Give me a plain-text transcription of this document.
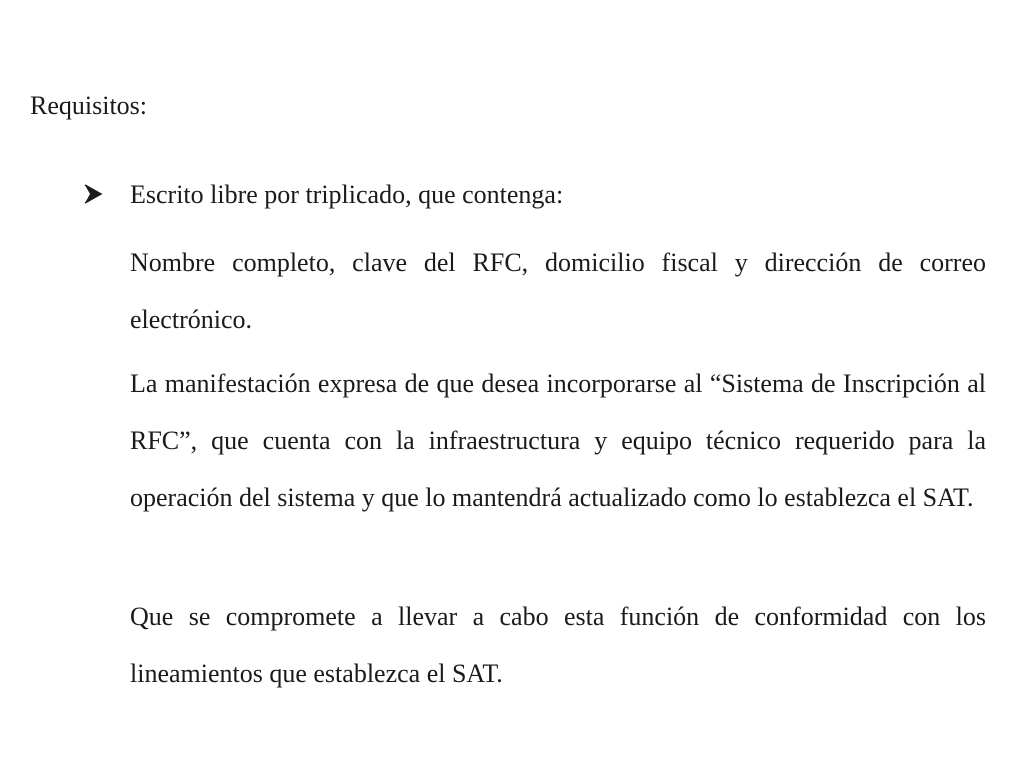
Requisitos:
Escrito libre por triplicado, que contenga:

Nombre completo, clave del RFC, domicilio fiscal y dirección de correo electrónico.

La manifestación expresa de que desea incorporarse al “Sistema de Inscripción al RFC”, que cuenta con la infraestructura y equipo técnico requerido para la operación del sistema y que lo mantendrá actualizado como lo establezca el SAT.

Que se compromete a llevar a cabo esta función de conformidad con los lineamientos que establezca el SAT.
